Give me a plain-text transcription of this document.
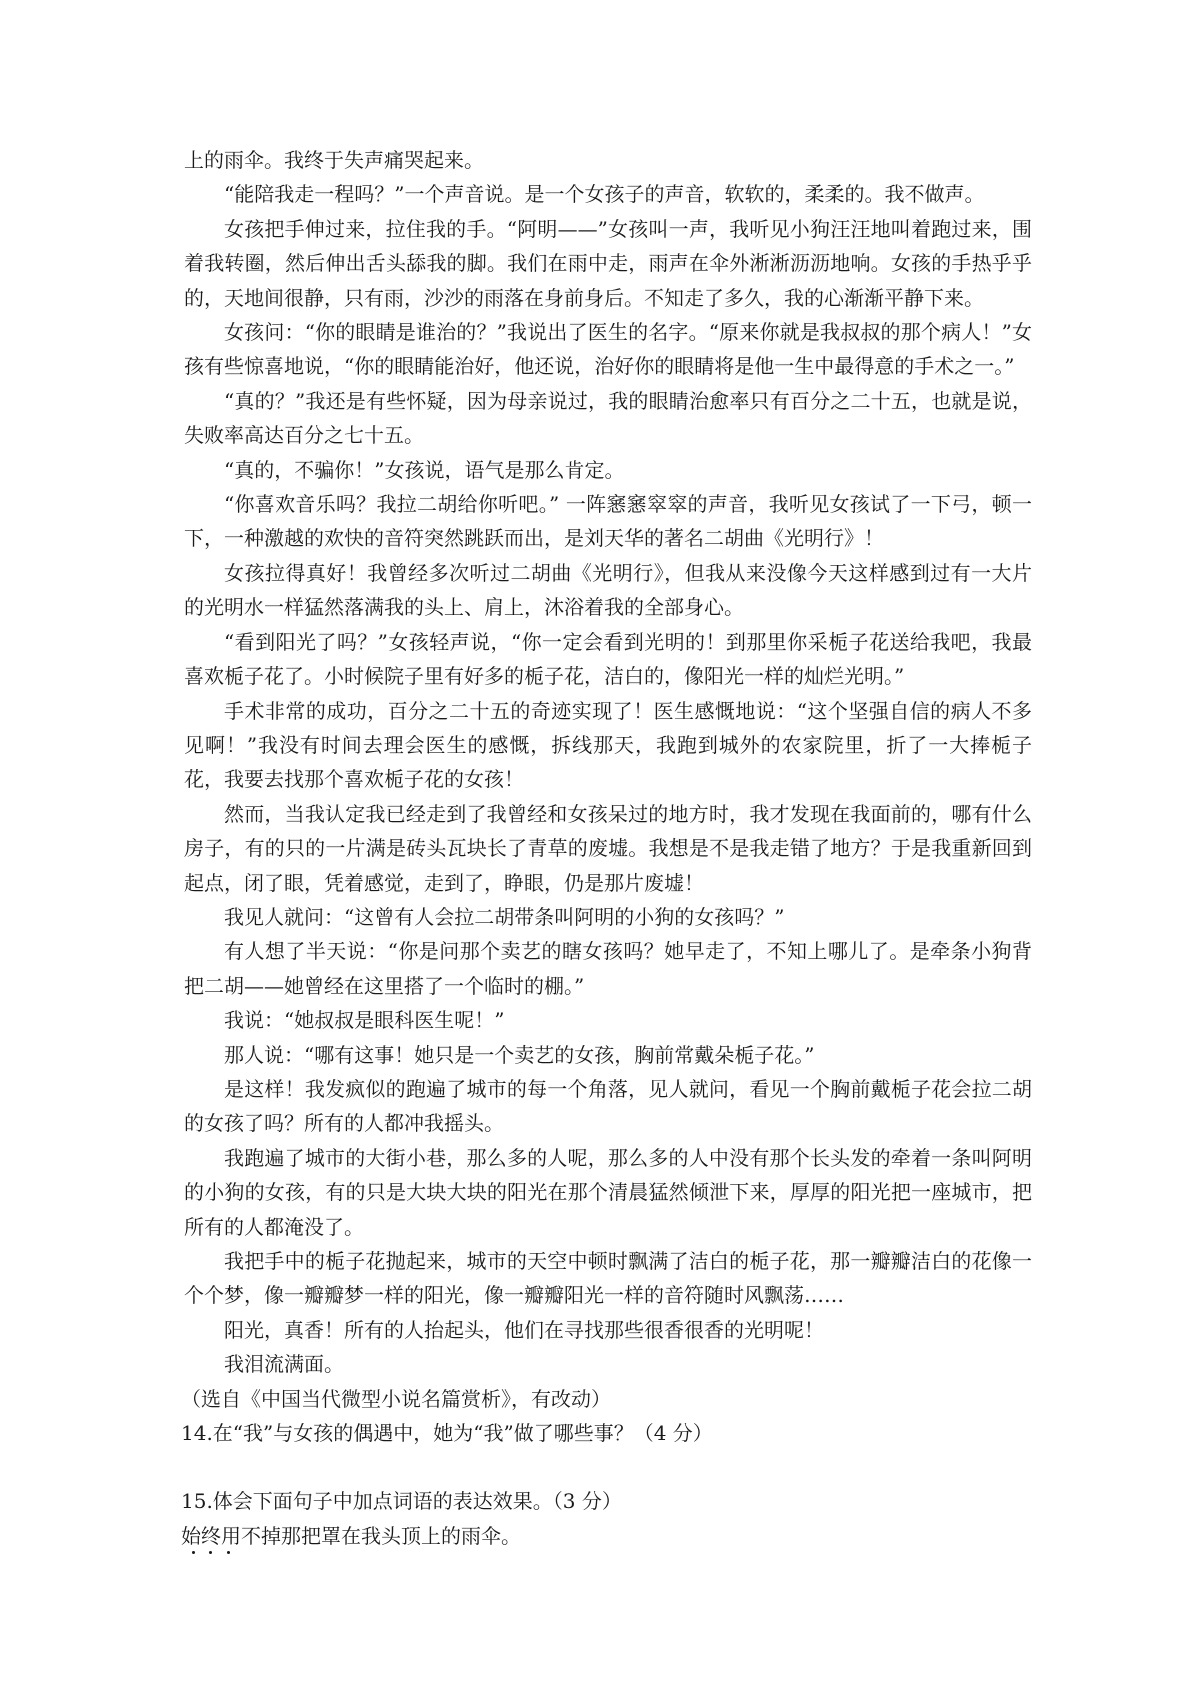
上的雨伞。我终于失声痛哭起来。

“能陪我走一程吗？”一个声音说。是一个女孩子的声音，软软的，柔柔的。我不做声。

女孩把手伸过来，拉住我的手。“阿明——”女孩叫一声，我听见小狗汪汪地叫着跑过来，围着我转圈，然后伸出舌头舔我的脚。我们在雨中走，雨声在伞外淅淅沥沥地响。女孩的手热乎乎的，天地间很静，只有雨，沙沙的雨落在身前身后。不知走了多久，我的心渐渐平静下来。

女孩问：“你的眼睛是谁治的？”我说出了医生的名字。“原来你就是我叔叔的那个病人！”女孩有些惊喜地说，“你的眼睛能治好，他还说，治好你的眼睛将是他一生中最得意的手术之一。”

“真的？”我还是有些怀疑，因为母亲说过，我的眼睛治愈率只有百分之二十五，也就是说，失败率高达百分之七十五。

“真的，不骗你！”女孩说，语气是那么肯定。

“你喜欢音乐吗？我拉二胡给你听吧。” 一阵窸窸窣窣的声音，我听见女孩试了一下弓，顿一下，一种激越的欢快的音符突然跳跃而出，是刘天华的著名二胡曲《光明行》！

女孩拉得真好！我曾经多次听过二胡曲《光明行》，但我从来没像今天这样感到过有一大片的光明水一样猛然落满我的头上、肩上，沐浴着我的全部身心。

“看到阳光了吗？”女孩轻声说，“你一定会看到光明的！到那里你采栀子花送给我吧，我最喜欢栀子花了。小时候院子里有好多的栀子花，洁白的，像阳光一样的灿烂光明。”

手术非常的成功，百分之二十五的奇迹实现了！医生感慨地说：“这个坚强自信的病人不多见啊！”我没有时间去理会医生的感慨，拆线那天，我跑到城外的农家院里，折了一大捧栀子花，我要去找那个喜欢栀子花的女孩！

然而，当我认定我已经走到了我曾经和女孩呆过的地方时，我才发现在我面前的，哪有什么房子，有的只的一片满是砖头瓦块长了青草的废墟。我想是不是我走错了地方？于是我重新回到起点，闭了眼，凭着感觉，走到了，睁眼，仍是那片废墟！

我见人就问：“这曾有人会拉二胡带条叫阿明的小狗的女孩吗？”

有人想了半天说：“你是问那个卖艺的瞎女孩吗？她早走了，不知上哪儿了。是牵条小狗背把二胡——她曾经在这里搭了一个临时的棚。”

我说：“她叔叔是眼科医生呢！”

那人说：“哪有这事！她只是一个卖艺的女孩，胸前常戴朵栀子花。”

是这样！我发疯似的跑遍了城市的每一个角落，见人就问，看见一个胸前戴栀子花会拉二胡的女孩了吗？所有的人都冲我摇头。

我跑遍了城市的大街小巷，那么多的人呢，那么多的人中没有那个长头发的牵着一条叫阿明的小狗的女孩，有的只是大块大块的阳光在那个清晨猛然倾泄下来，厚厚的阳光把一座城市，把所有的人都淹没了。

我把手中的栀子花抛起来，城市的天空中顿时飘满了洁白的栀子花，那一瓣瓣洁白的花像一个个梦，像一瓣瓣梦一样的阳光，像一瓣瓣阳光一样的音符随时风飘荡……

阳光，真香！所有的人抬起头，他们在寻找那些很香很香的光明呢！

我泪流满面。

（选自《中国当代微型小说名篇赏析》，有改动）

14.在“我”与女孩的偶遇中，她为“我”做了哪些事？（4 分）

15.体会下面句子中加点词语的表达效果。（3 分）

始终用
不掉那把罩在我头顶上的雨伞。
